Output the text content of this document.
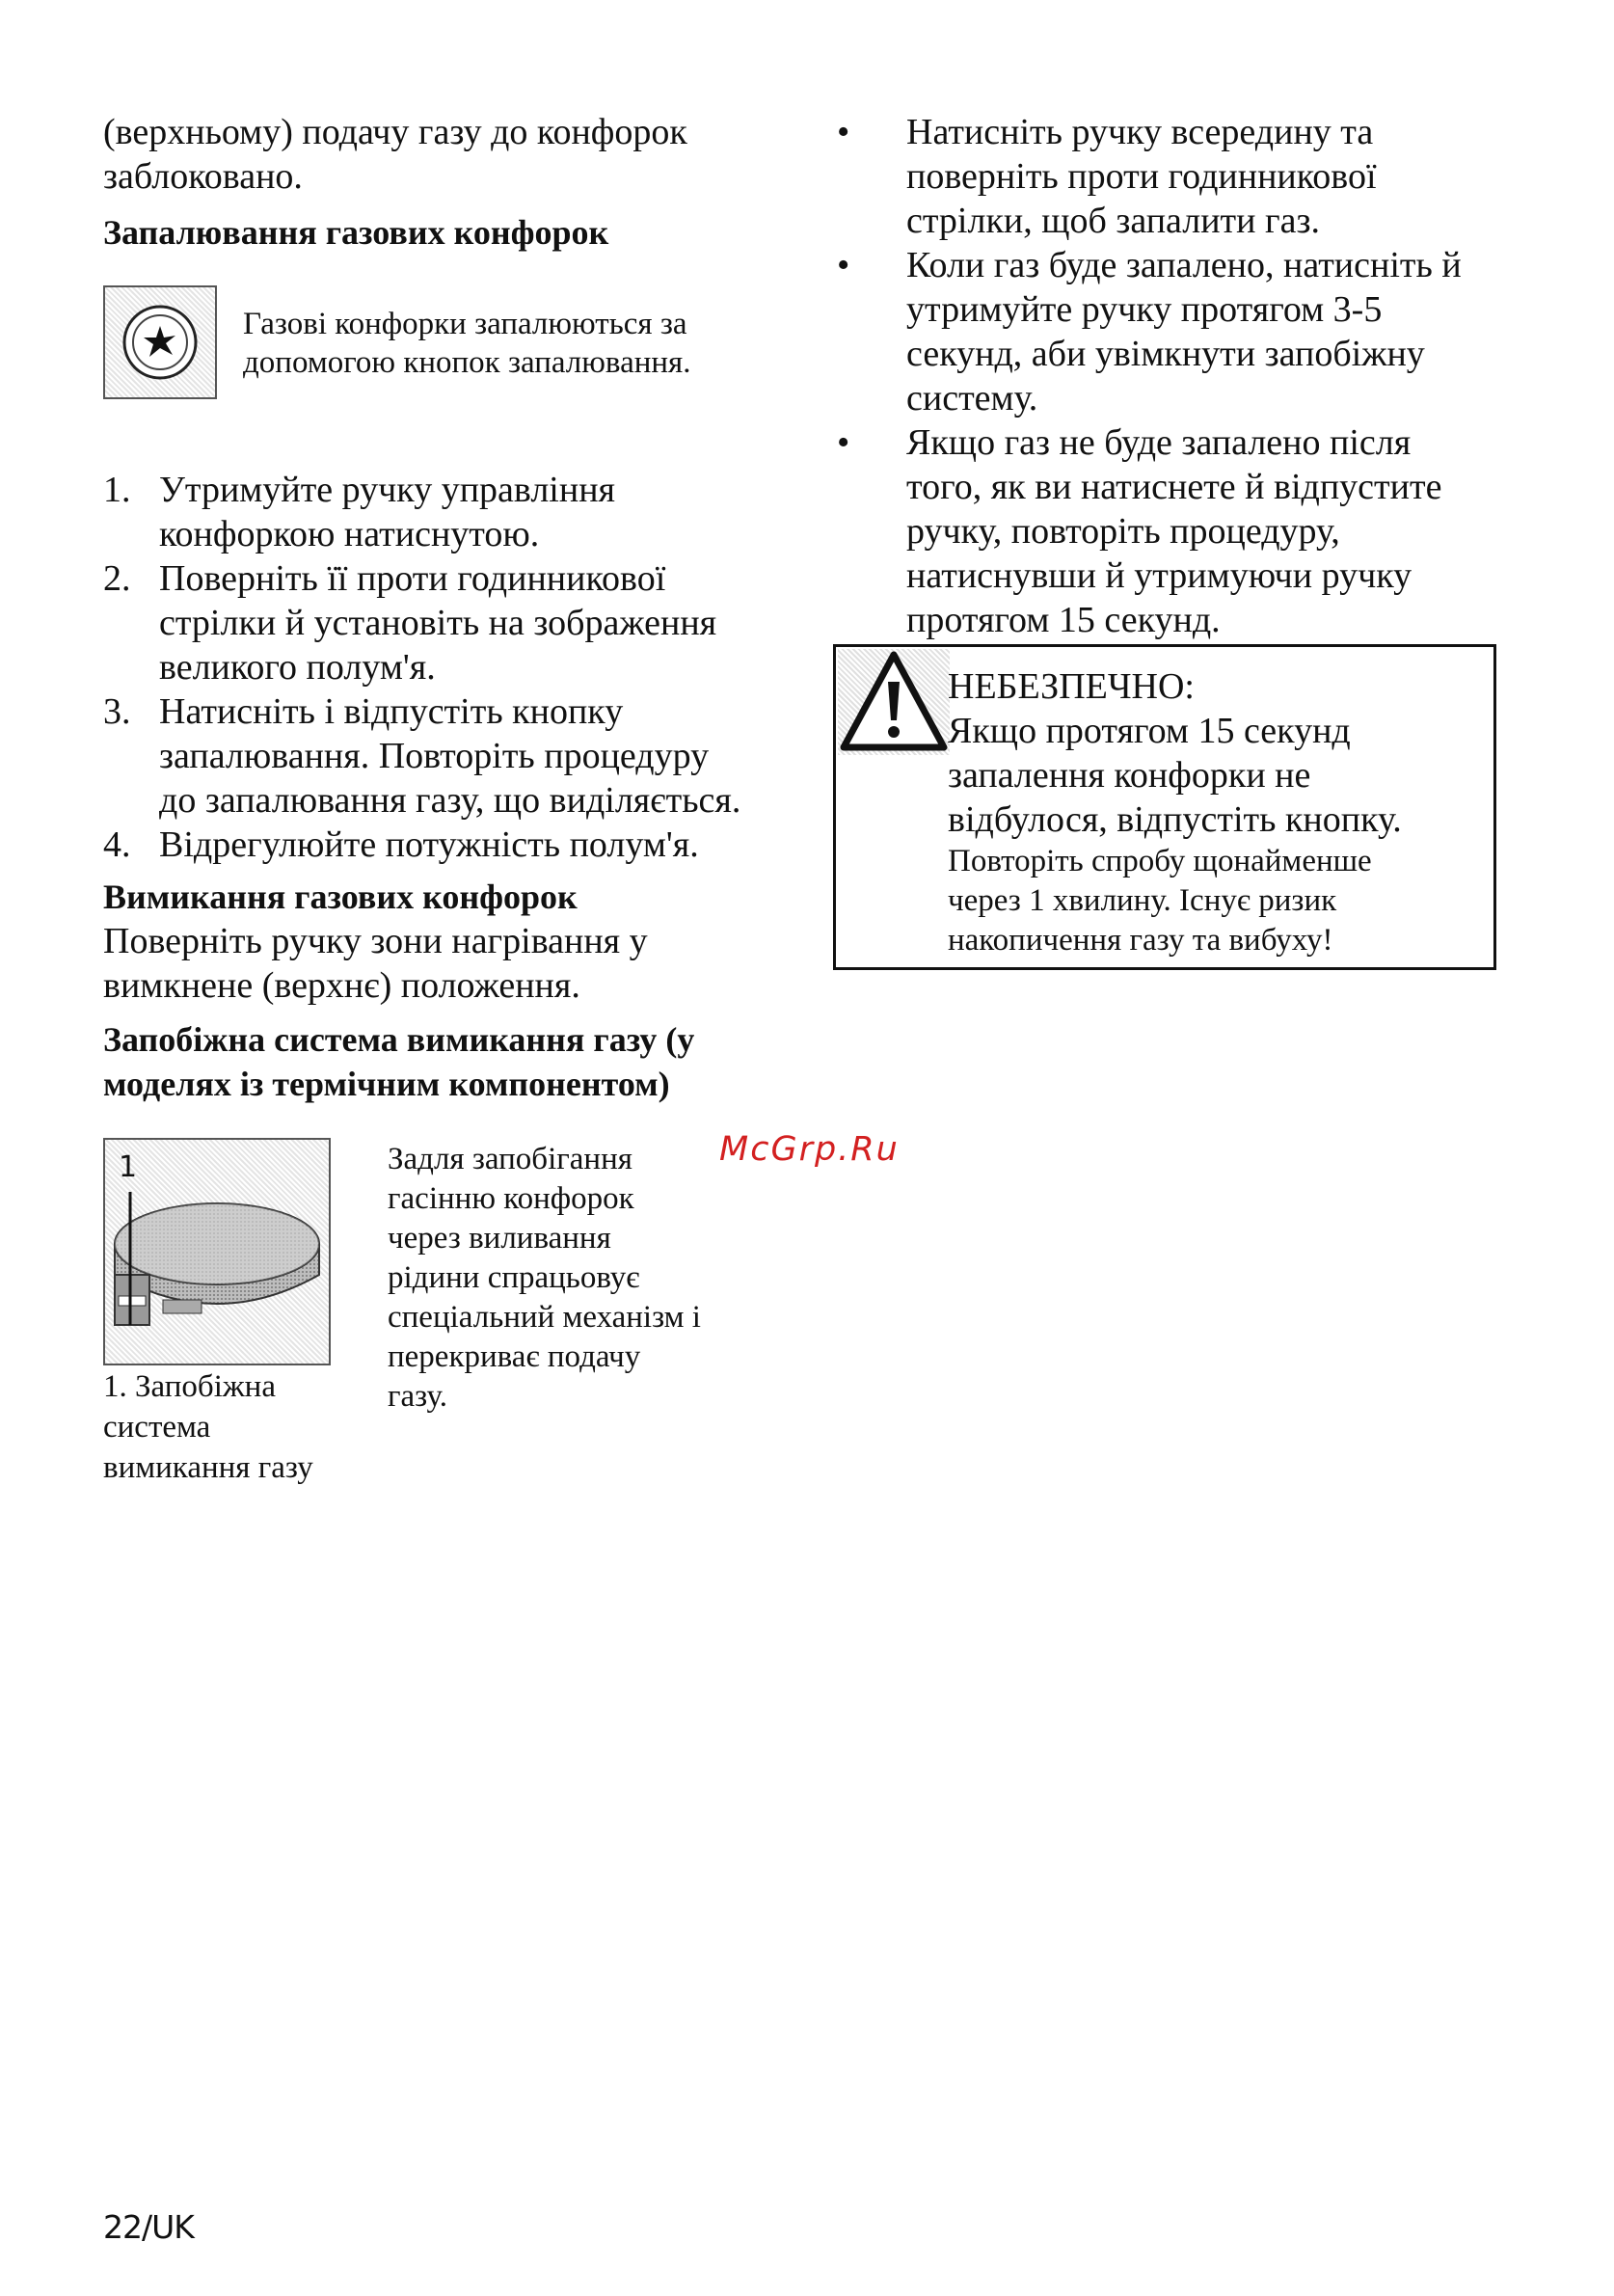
(верхньому) подачу газу до конфорок
заблоковано.
Запалювання газових конфорок
Газові конфорки запалюються за
допомогою кнопок запалювання.
1. Утримуйте ручку управління
конфоркою натиснутою.
2. Поверніть її проти годинникової
стрілки й установіть на зображення
великого полум'я.
3. Натисніть і відпустіть кнопку
запалювання. Повторіть процедуру
до запалювання газу, що виділяється.
4. Відрегулюйте потужність полум'я.
Вимикання газових конфорок
Поверніть ручку зони нагрівання у
вимкнене (верхнє) положення.
Запобіжна система вимикання газу (у
моделях із термічним компонентом)
1
1. Запобіжна
система
вимикання газу
Задля запобігання
гасінню конфорок
через виливання
рідини спрацьовує
спеціальний механізм і
перекриває подачу
газу.
McGrp.Ru
• Натисніть ручку всередину та
поверніть проти годинникової
стрілки, щоб запалити газ.
• Коли газ буде запалено, натисніть й
утримуйте ручку протягом 3-5
секунд, аби увімкнути запобіжну
систему.
• Якщо газ не буде запалено після
того, як ви натиснете й відпустите
ручку, повторіть процедуру,
натиснувши й утримуючи ручку
протягом 15 секунд.
НЕБЕЗПЕЧНО:
Якщо протягом 15 секунд
запалення конфорки не
відбулося, відпустіть кнопку.
Повторіть спробу щонайменше
через 1 хвилину. Існує ризик
накопичення газу та вибуху!
22/UK
